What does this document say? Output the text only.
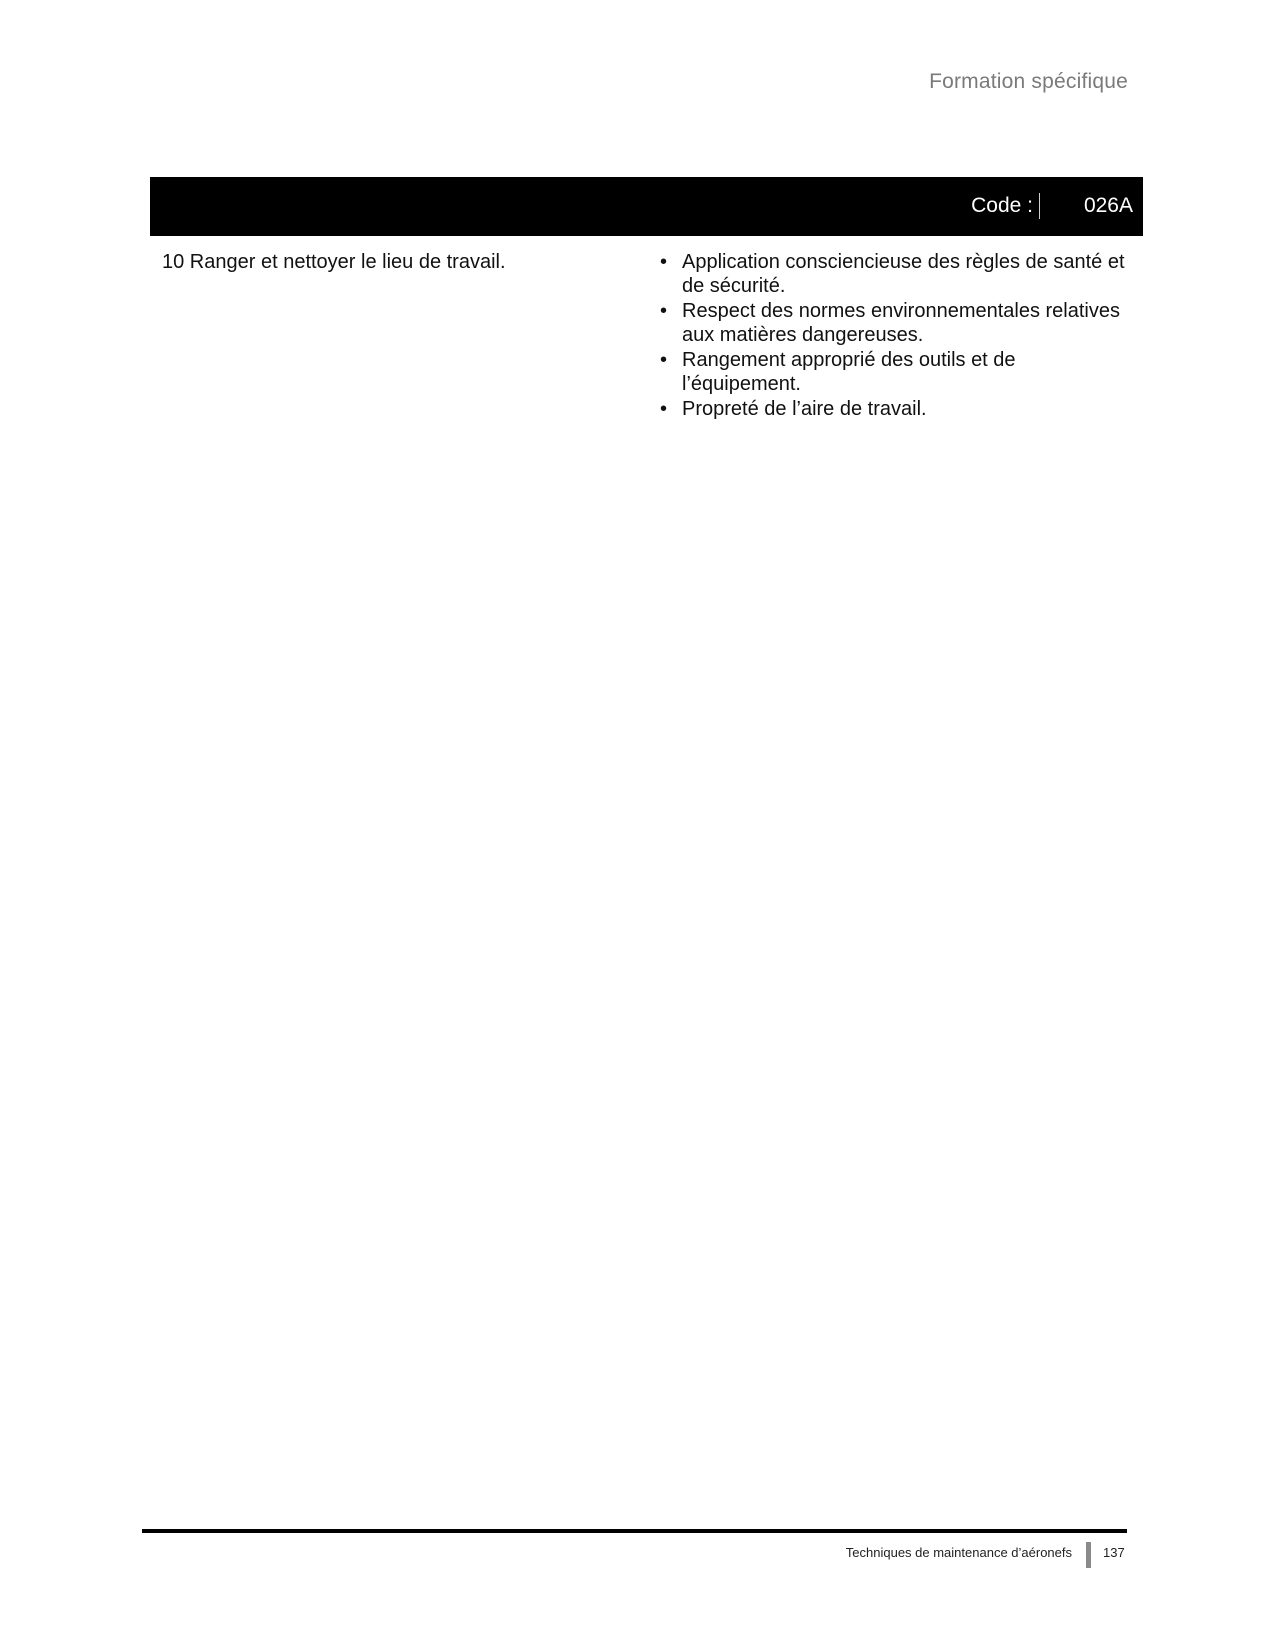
Formation spécifique
Code : 026A
10 Ranger et nettoyer le lieu de travail.	• Application consciencieuse des règles de santé et de sécurité.
• Respect des normes environnementales relatives aux matières dangereuses.
• Rangement approprié des outils et de l’équipement.
• Propreté de l’aire de travail.
Techniques de maintenance d’aéronefs 137
